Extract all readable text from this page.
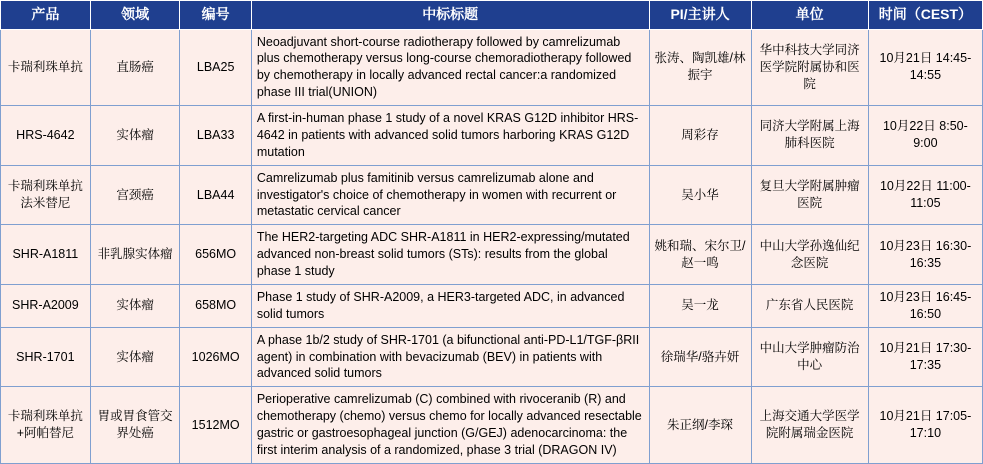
产品	领域	编号	中标标题	PI/主讲人	单位	时间（CEST）
卡瑞利珠单抗	直肠癌	LBA25	Neoadjuvant short-course radiotherapy followed by camrelizumab plus chemotherapy versus long-course chemoradiotherapy followed by chemotherapy in locally advanced rectal cancer:a randomized phase III trial(UNION)	张涛、陶凯雄/林振宇	华中科技大学同济医学院附属协和医院	10月21日 14:45-14:55
HRS-4642	实体瘤	LBA33	A first-in-human phase 1 study of a novel KRAS G12D inhibitor HRS-4642 in patients with advanced solid tumors harboring KRAS G12D mutation	周彩存	同济大学附属上海肺科医院	10月22日 8:50-9:00
卡瑞利珠单抗法米替尼	宫颈癌	LBA44	Camrelizumab plus famitinib versus camrelizumab alone and investigator's choice of chemotherapy in women with recurrent or metastatic cervical cancer	吴小华	复旦大学附属肿瘤医院	10月22日 11:00-11:05
SHR-A1811	非乳腺实体瘤	656MO	The HER2-targeting ADC SHR-A1811 in HER2-expressing/mutated advanced non-breast solid tumors (STs): results from the global phase 1 study	姚和瑞、宋尔卫/赵一鸣	中山大学孙逸仙纪念医院	10月23日 16:30-16:35
SHR-A2009	实体瘤	658MO	Phase 1 study of SHR-A2009, a HER3-targeted ADC, in advanced solid tumors	吴一龙	广东省人民医院	10月23日 16:45-16:50
SHR-1701	实体瘤	1026MO	A phase 1b/2 study of SHR-1701 (a bifunctional anti-PD-L1/TGF-βRII agent) in combination with bevacizumab (BEV) in patients with advanced solid tumors	徐瑞华/骆卉妍	中山大学肿瘤防治中心	10月21日 17:30-17:35
卡瑞利珠单抗+阿帕替尼	胃或胃食管交界处癌	1512MO	Perioperative camrelizumab (C) combined with rivoceranib (R) and chemotherapy (chemo) versus chemo for locally advanced resectable gastric or gastroesophageal junction (G/GEJ) adenocarcinoma: the first interim analysis of a randomized, phase 3 trial (DRAGON IV)	朱正纲/李琛	上海交通大学医学院附属瑞金医院	10月21日 17:05-17:10
